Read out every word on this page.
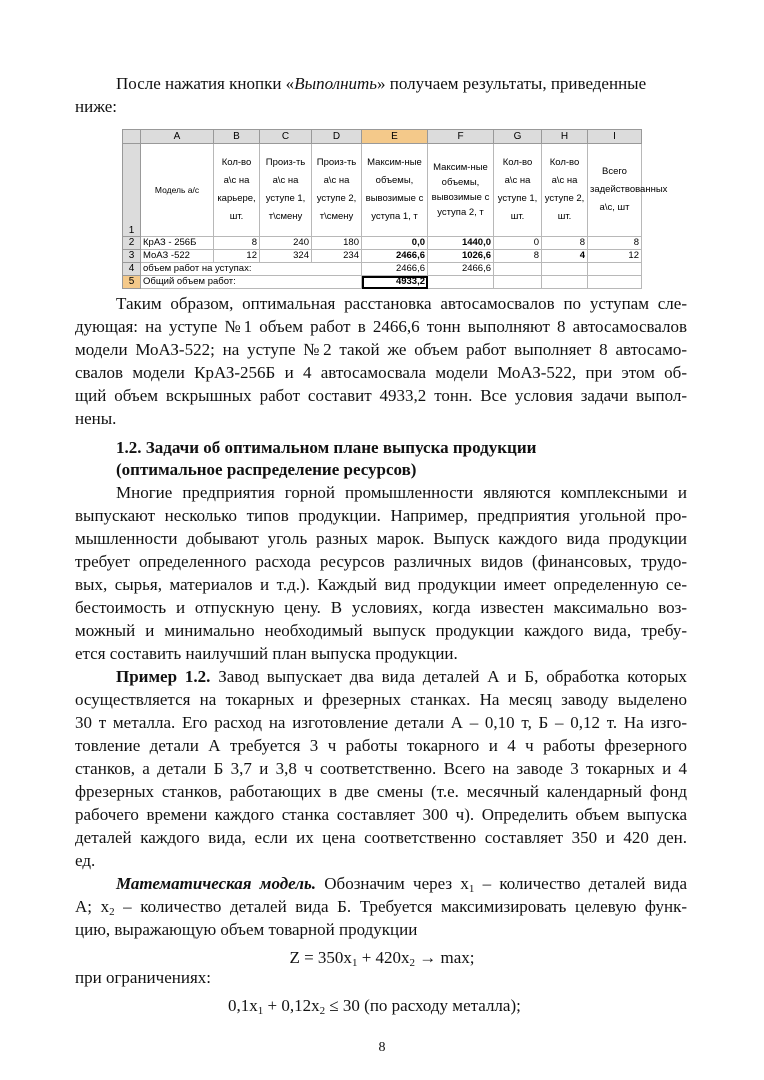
После нажатия кнопки «Выполнить» получаем результаты, приведенные
ниже:
	A	B	C	D	E	F	G	H	I
1	Модель а/с	Кол-во а\с на карьере, шт.	Произ-ть а\с на уступе 1, т\смену	Произ-ть а\с на уступе 2, т\смену	Максим-ные объемы, вывозимые с уступа 1, т	Максим-ные объемы, вывозимые с уступа 2, т	Кол-во а\с на уступе 1, шт.	Кол-во а\с на уступе 2, шт.	Всего задействованных а\с, шт

2	КрАЗ - 256Б	8	240	180	0,0	1440,0	0	8	8
3	МоАЗ -522	12	324	234	2466,6	1026,6	8	4	12
4	объем работ на уступах:				2466,6	2466,6			
5	Общий объем работ:				4933,2				
Таким образом, оптимальная расстановка автосамосвалов по уступам сле-
дующая: на уступе №1 объем работ в 2466,6 тонн выполняют 8 автосамосвалов
модели МоАЗ-522; на уступе №2 такой же объем работ выполняет 8 автосамо-
свалов модели КрАЗ-256Б и 4 автосамосвала модели МоАЗ-522, при этом об-
щий объем вскрышных работ составит 4933,2 тонн. Все условия задачи выпол-
нены.
1.2. Задачи об оптимальном плане выпуска продукции
(оптимальное распределение ресурсов)
Многие предприятия горной промышленности являются комплексными и
выпускают несколько типов продукции. Например, предприятия угольной про-
мышленности добывают уголь разных марок. Выпуск каждого вида продукции
требует определенного расхода ресурсов различных видов (финансовых, трудо-
вых, сырья, материалов и т.д.). Каждый вид продукции имеет определенную се-
бестоимость и отпускную цену. В условиях, когда известен максимально воз-
можный и минимально необходимый выпуск продукции каждого вида, требу-
ется составить наилучший план выпуска продукции.
Пример 1.2. Завод выпускает два вида деталей А и Б, обработка которых
осуществляется на токарных и фрезерных станках. На месяц заводу выделено
30 т металла. Его расход на изготовление детали А – 0,10 т, Б – 0,12 т. На изго-
товление детали А требуется 3 ч работы токарного и 4 ч работы фрезерного
станков, а детали Б 3,7 и 3,8 ч соответственно. Всего на заводе 3 токарных и 4
фрезерных станков, работающих в две смены (т.е. месячный календарный фонд
рабочего времени каждого станка составляет 300 ч). Определить объем выпуска
деталей каждого вида, если их цена соответственно составляет 350 и 420 ден.
ед.
Математическая модель. Обозначим через $x_1$ – количество деталей вида
А; $x_2$ – количество деталей вида Б. Требуется максимизировать целевую функ-
цию, выражающую объем товарной продукции
$Z = 350x_1 + 420x_2 \to \max$;
при ограничениях:
8
$0,1x_1 + 0,12x_2 \le 30$ (по расходу металла);
